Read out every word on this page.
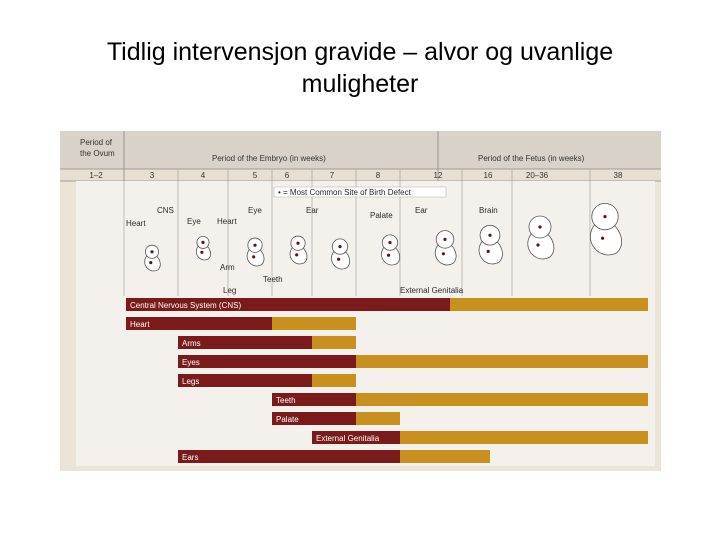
Tidlig intervensjon gravide – alvor og uvanlige
muligheter
Period of
the Ovum
Period of the Embryo (in weeks)	Period of the Fetus (in weeks)
1–2	3	4	5	6	7	8	12	16	20–36	38
• = Most Common Site of Birth Defect
CNS
Heart	Eye Heart
Eye	Ear
Palate
Ear	Brain
Arm
Teeth
Leg	External Genitalia
Central Nervous System (CNS)
Heart
Arms
Eyes
Legs
Teeth
Palate
External Genitalia
Ears
